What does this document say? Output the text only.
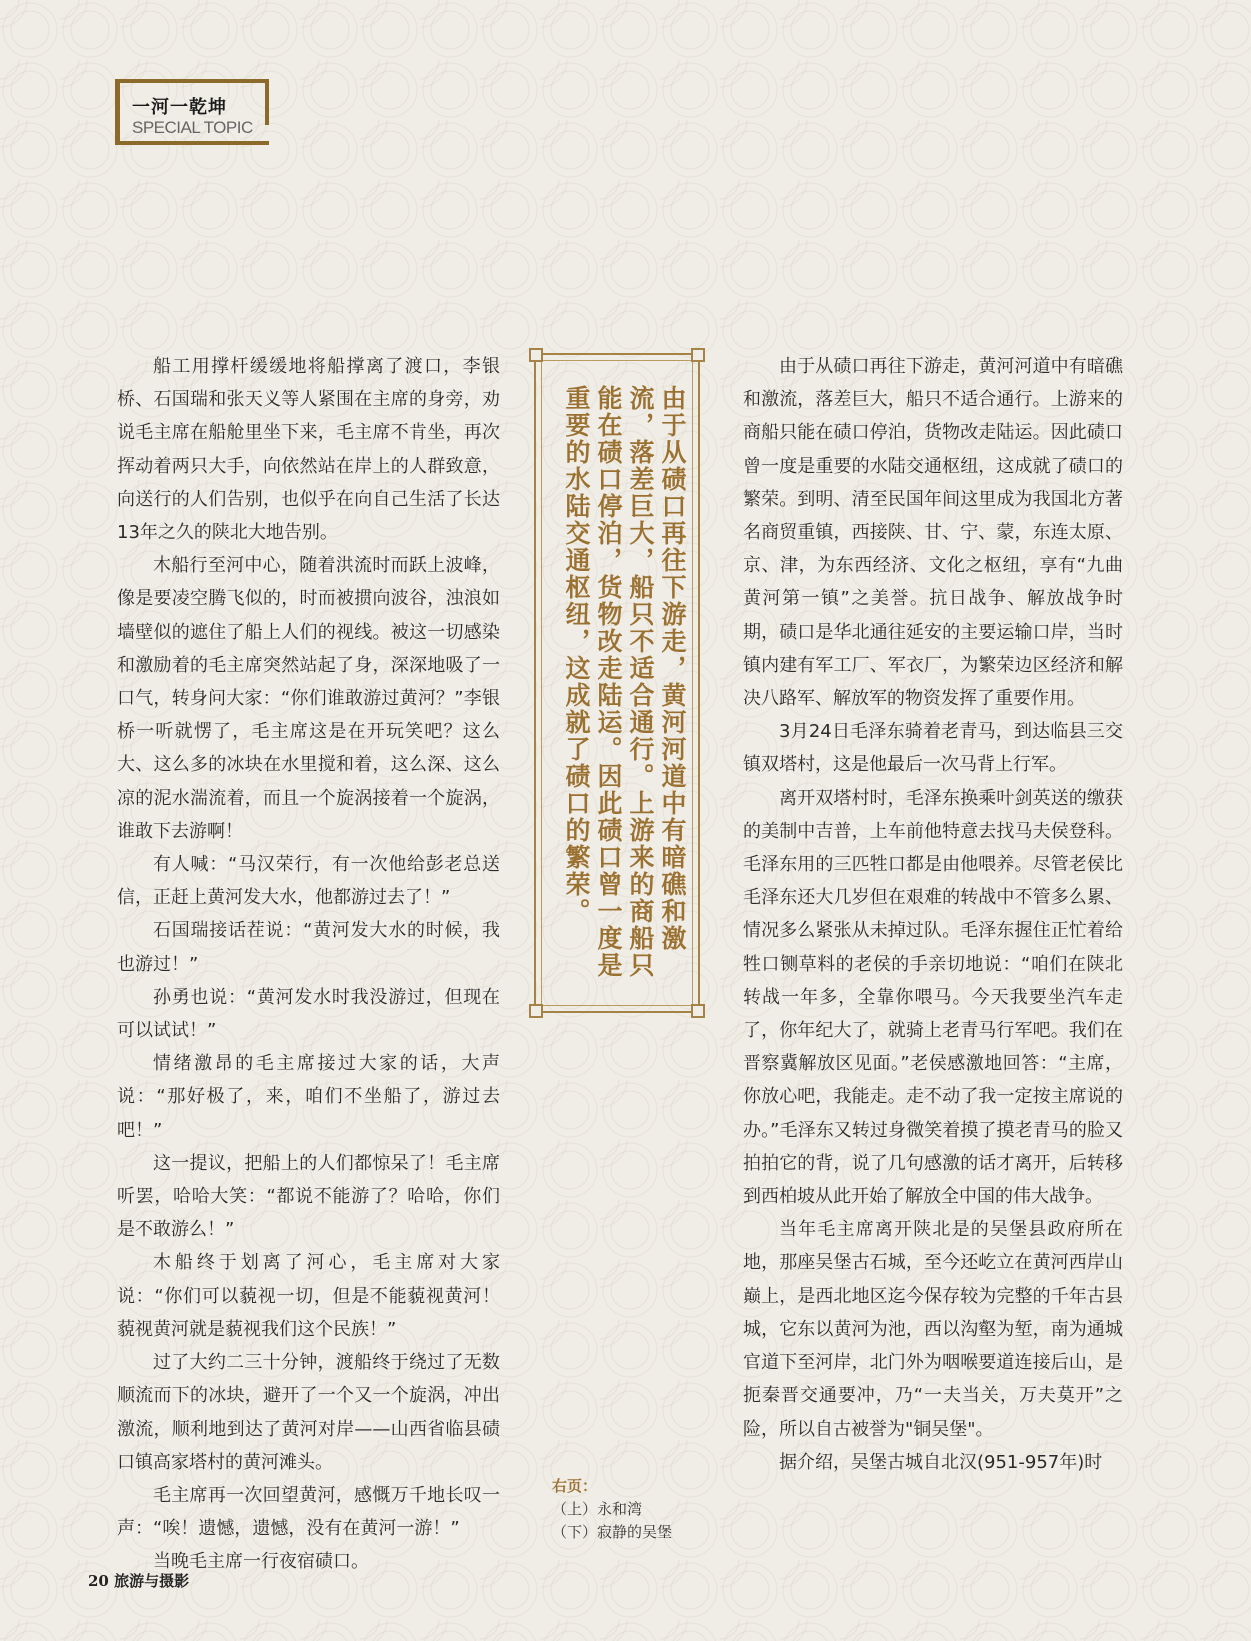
一河一乾坤
SPECIAL TOPIC

船工用撑杆缓缓地将船撑离了渡口，李银桥、石国瑞和张天义等人紧围在主席的身旁，劝说毛主席在船舱里坐下来，毛主席不肯坐，再次挥动着两只大手，向依然站在岸上的人群致意，向送行的人们告别，也似乎在向自己生活了长达13年之久的陕北大地告别。

木船行至河中心，随着洪流时而跃上波峰，像是要凌空腾飞似的，时而被掼向波谷，浊浪如墙壁似的遮住了船上人们的视线。被这一切感染和激励着的毛主席突然站起了身，深深地吸了一口气，转身问大家：“你们谁敢游过黄河？”李银桥一听就愣了，毛主席这是在开玩笑吧？这么大、这么多的冰块在水里搅和着，这么深、这么凉的泥水湍流着，而且一个旋涡接着一个旋涡，谁敢下去游啊！

有人喊：“马汉荣行，有一次他给彭老总送信，正赶上黄河发大水，他都游过去了！”

石国瑞接话茬说：“黄河发大水的时候，我也游过！”

孙勇也说：“黄河发水时我没游过，但现在可以试试！”

情绪激昂的毛主席接过大家的话，大声说：“那好极了，来，咱们不坐船了，游过去吧！”

这一提议，把船上的人们都惊呆了！毛主席听罢，哈哈大笑：“都说不能游了？哈哈，你们是不敢游么！”

木船终于划离了河心，毛主席对大家说：“你们可以藐视一切，但是不能藐视黄河！藐视黄河就是藐视我们这个民族！”

过了大约二三十分钟，渡船终于绕过了无数顺流而下的冰块，避开了一个又一个旋涡，冲出激流，顺利地到达了黄河对岸——山西省临县碛口镇高家塔村的黄河滩头。

毛主席再一次回望黄河，感慨万千地长叹一声：“唉！遗憾，遗憾，没有在黄河一游！”

当晚毛主席一行夜宿碛口。

由于从碛口再往下游走，黄河河道中有暗礁和激流，落差巨大，船只不适合通行。上游来的商船只能在碛口停泊，货物改走陆运。因此碛口曾一度是重要的水陆交通枢纽，这成就了碛口的繁荣。

由于从碛口再往下游走，黄河河道中有暗礁和激流，落差巨大，船只不适合通行。上游来的商船只能在碛口停泊，货物改走陆运。因此碛口曾一度是重要的水陆交通枢纽，这成就了碛口的繁荣。到明、清至民国年间这里成为我国北方著名商贸重镇，西接陕、甘、宁、蒙，东连太原、京、津，为东西经济、文化之枢纽，享有“九曲黄河第一镇”之美誉。抗日战争、解放战争时期，碛口是华北通往延安的主要运输口岸，当时镇内建有军工厂、军衣厂，为繁荣边区经济和解决八路军、解放军的物资发挥了重要作用。

3月24日毛泽东骑着老青马，到达临县三交镇双塔村，这是他最后一次马背上行军。

离开双塔村时，毛泽东换乘叶剑英送的缴获的美制中吉普，上车前他特意去找马夫侯登科。毛泽东用的三匹牲口都是由他喂养。尽管老侯比毛泽东还大几岁但在艰难的转战中不管多么累、情况多么紧张从未掉过队。毛泽东握住正忙着给牲口铡草料的老侯的手亲切地说：“咱们在陕北转战一年多，全靠你喂马。今天我要坐汽车走了，你年纪大了，就骑上老青马行军吧。我们在晋察冀解放区见面。”老侯感激地回答：“主席，你放心吧，我能走。走不动了我一定按主席说的办。”毛泽东又转过身微笑着摸了摸老青马的脸又拍拍它的背，说了几句感激的话才离开，后转移到西柏坡从此开始了解放全中国的伟大战争。

当年毛主席离开陕北是的吴堡县政府所在地，那座吴堡古石城，至今还屹立在黄河西岸山巅上，是西北地区迄今保存较为完整的千年古县城，它东以黄河为池，西以沟壑为堑，南为通城官道下至河岸，北门外为咽喉要道连接后山，是扼秦晋交通要冲，乃“一夫当关，万夫莫开”之险，所以自古被誉为"铜吴堡"。

据介绍，吴堡古城自北汉(951-957年)时

右页：
（上）永和湾
（下）寂静的吴堡
20 旅游与摄影
